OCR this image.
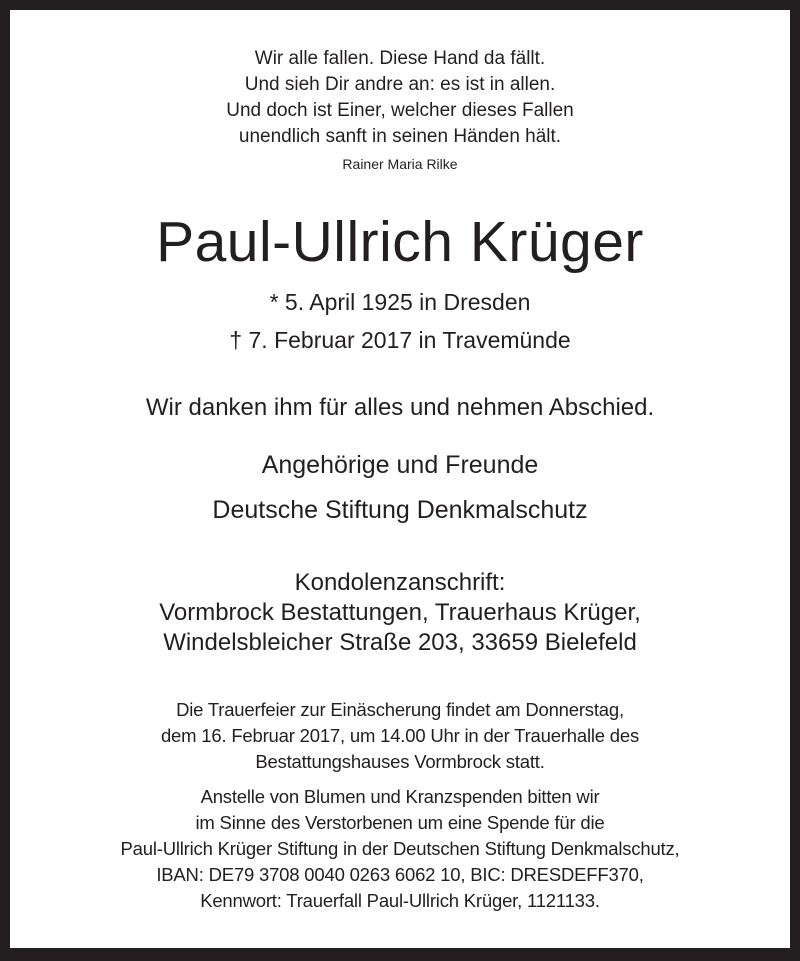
Wir alle fallen. Diese Hand da fällt.
Und sieh Dir andre an: es ist in allen.
Und doch ist Einer, welcher dieses Fallen
unendlich sanft in seinen Händen hält.
Rainer Maria Rilke
Paul-Ullrich Krüger
* 5. April 1925 in Dresden
† 7. Februar 2017 in Travemünde
Wir danken ihm für alles und nehmen Abschied.
Angehörige und Freunde
Deutsche Stiftung Denkmalschutz
Kondolenzanschrift:
Vormbrock Bestattungen, Trauerhaus Krüger,
Windelsbleicher Straße 203, 33659 Bielefeld
Die Trauerfeier zur Einäscherung findet am Donnerstag,
dem 16. Februar 2017, um 14.00 Uhr in der Trauerhalle des
Bestattungshauses Vormbrock statt.
Anstelle von Blumen und Kranzspenden bitten wir
im Sinne des Verstorbenen um eine Spende für die
Paul-Ullrich Krüger Stiftung in der Deutschen Stiftung Denkmalschutz,
IBAN: DE79 3708 0040 0263 6062 10, BIC: DRESDEFF370,
Kennwort: Trauerfall Paul-Ullrich Krüger, 1121133.
